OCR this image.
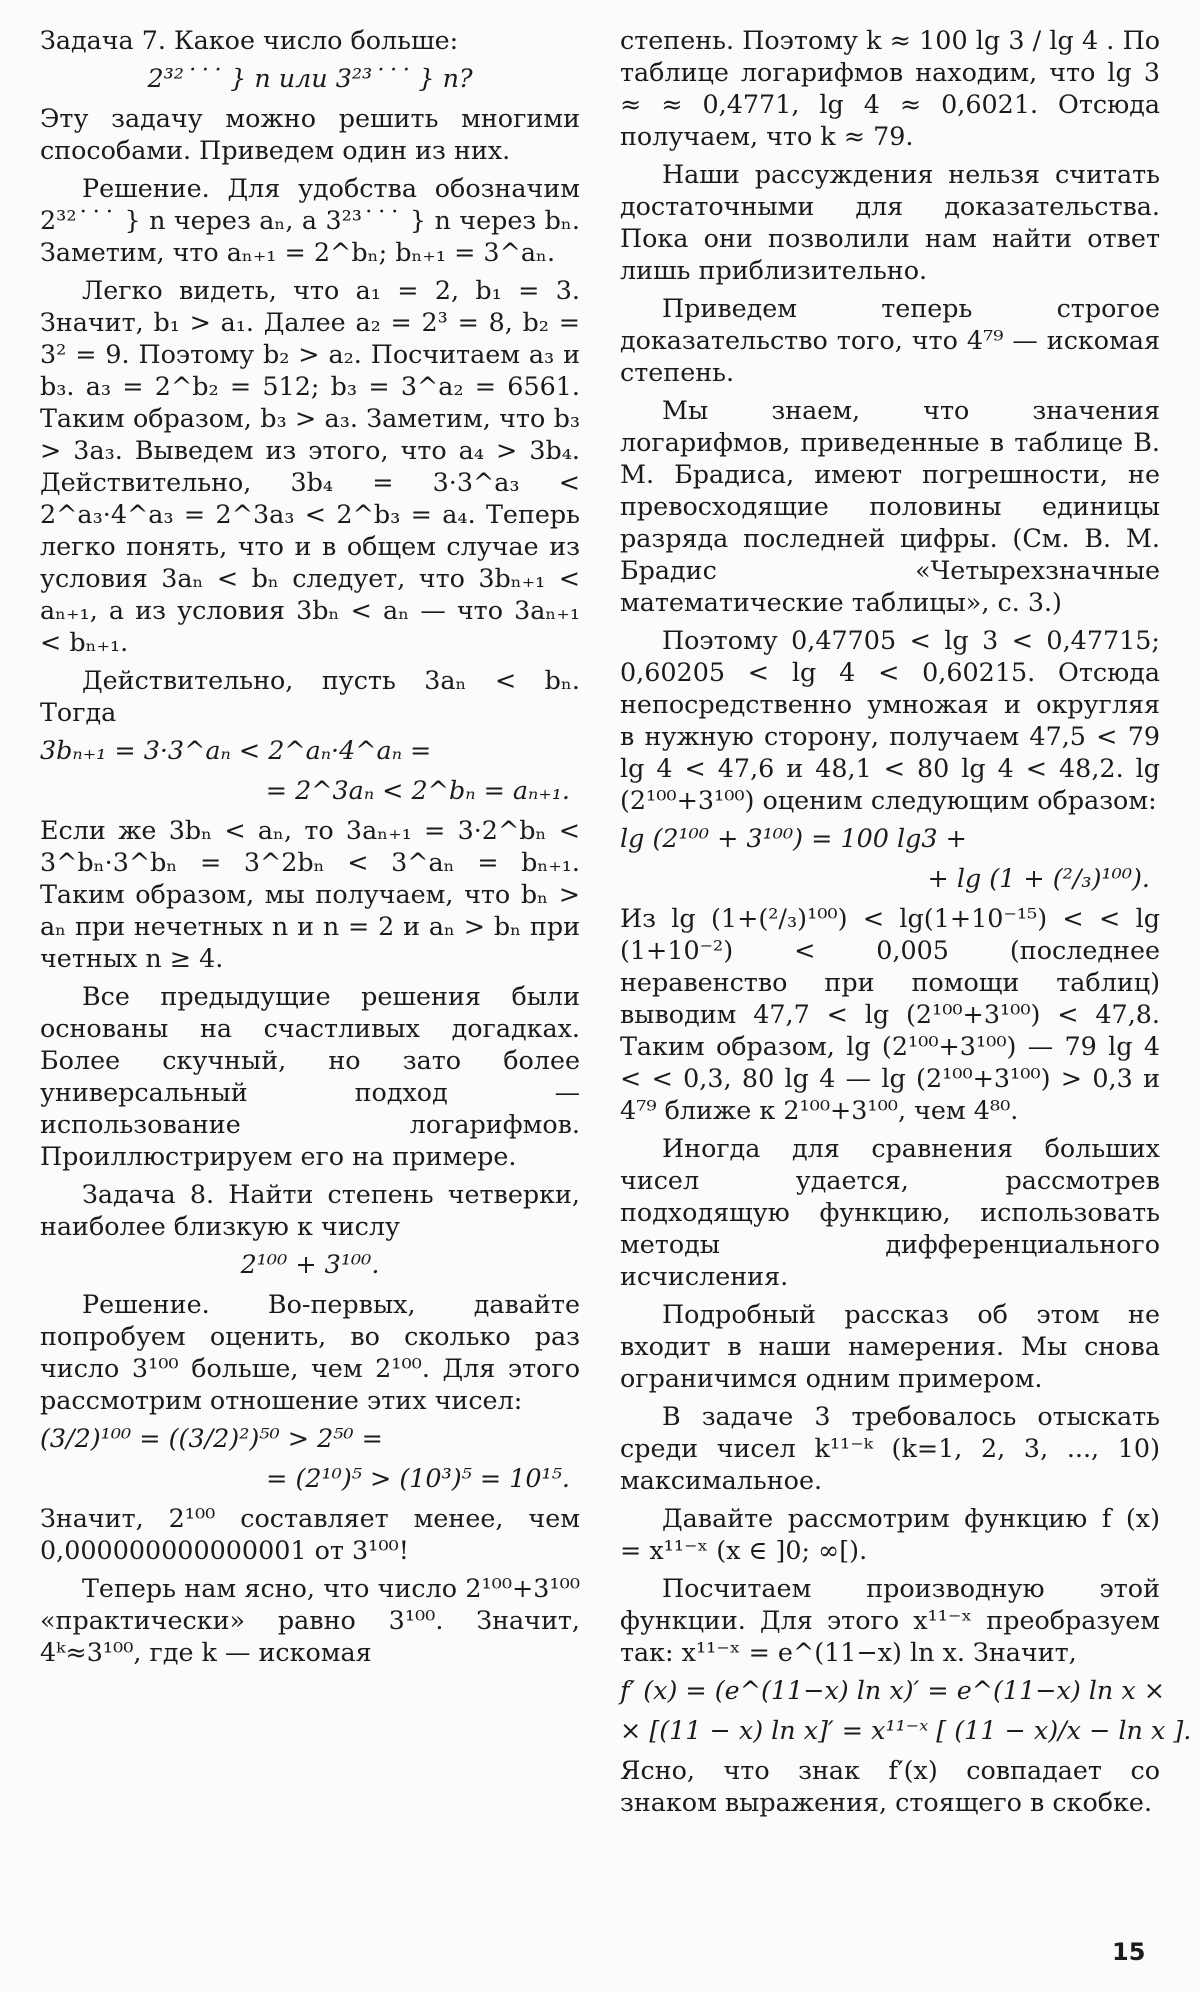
Задача 7. Какое число больше:

2³²˙˙˙ } n или 3²³˙˙˙ } n?

Эту задачу можно решить многими способами. Приведем один из них.

Решение. Для удобства обозначим 2³²˙˙˙ } n через aₙ, а 3²³˙˙˙ } n через bₙ. Заметим, что aₙ₊₁ = 2^bₙ; bₙ₊₁ = 3^aₙ.

Легко видеть, что a₁ = 2, b₁ = 3. Значит, b₁ > a₁. Далее a₂ = 2³ = 8, b₂ = 3² = 9. Поэтому b₂ > a₂. Посчитаем a₃ и b₃. a₃ = 2^b₂ = 512; b₃ = 3^a₂ = 6561. Таким образом, b₃ > a₃. Заметим, что b₃ > 3a₃. Выведем из этого, что a₄ > 3b₄. Действительно, 3b₄ = 3·3^a₃ < 2^a₃·4^a₃ = 2^3a₃ < 2^b₃ = a₄. Теперь легко понять, что и в общем случае из условия 3aₙ < bₙ следует, что 3bₙ₊₁ < aₙ₊₁, а из условия 3bₙ < aₙ — что 3aₙ₊₁ < bₙ₊₁.

Действительно, пусть 3aₙ < bₙ. Тогда

3bₙ₊₁ = 3·3^aₙ < 2^aₙ·4^aₙ =
= 2^3aₙ < 2^bₙ = aₙ₊₁.

Если же 3bₙ < aₙ, то 3aₙ₊₁ = 3·2^bₙ < 3^bₙ·3^bₙ = 3^2bₙ < 3^aₙ = bₙ₊₁. Таким образом, мы получаем, что bₙ > aₙ при нечетных n и n = 2 и aₙ > bₙ при четных n ≥ 4.

Все предыдущие решения были основаны на счастливых догадках. Более скучный, но зато более универсальный подход — использование логарифмов. Проиллюстрируем его на примере.

Задача 8. Найти степень четверки, наиболее близкую к числу

2¹⁰⁰ + 3¹⁰⁰.

Решение. Во-первых, давайте попробуем оценить, во сколько раз число 3¹⁰⁰ больше, чем 2¹⁰⁰. Для этого рассмотрим отношение этих чисел:

(3/2)¹⁰⁰ = ((3/2)²)⁵⁰ > 2⁵⁰ =
= (2¹⁰)⁵ > (10³)⁵ = 10¹⁵.

Значит, 2¹⁰⁰ составляет менее, чем 0,000000000000001 от 3¹⁰⁰!

Теперь нам ясно, что число 2¹⁰⁰+3¹⁰⁰ «практически» равно 3¹⁰⁰. Значит, 4ᵏ≈3¹⁰⁰, где k — искомая

степень. Поэтому k ≈ 100 lg 3 / lg 4 . По таблице логарифмов находим, что lg 3 ≈ ≈ 0,4771, lg 4 ≈ 0,6021. Отсюда получаем, что k ≈ 79.

Наши рассуждения нельзя считать достаточными для доказательства. Пока они позволили нам найти ответ лишь приблизительно.

Приведем теперь строгое доказательство того, что 4⁷⁹ — искомая степень.

Мы знаем, что значения логарифмов, приведенные в таблице В. М. Брадиса, имеют погрешности, не превосходящие половины единицы разряда последней цифры. (См. В. М. Брадис «Четырехзначные математические таблицы», с. 3.)

Поэтому 0,47705 < lg 3 < 0,47715; 0,60205 < lg 4 < 0,60215. Отсюда непосредственно умножая и округляя в нужную сторону, получаем 47,5 < 79 lg 4 < 47,6 и 48,1 < 80 lg 4 < 48,2. lg (2¹⁰⁰+3¹⁰⁰) оценим следующим образом:

lg (2¹⁰⁰ + 3¹⁰⁰) = 100 lg3 +
+ lg (1 + (²/₃)¹⁰⁰).

Из lg (1+(²/₃)¹⁰⁰) < lg(1+10⁻¹⁵) < < lg (1+10⁻²) < 0,005 (последнее неравенство при помощи таблиц) выводим 47,7 < lg (2¹⁰⁰+3¹⁰⁰) < 47,8. Таким образом, lg (2¹⁰⁰+3¹⁰⁰) — 79 lg 4 < < 0,3, 80 lg 4 — lg (2¹⁰⁰+3¹⁰⁰) > 0,3 и 4⁷⁹ ближе к 2¹⁰⁰+3¹⁰⁰, чем 4⁸⁰.

Иногда для сравнения больших чисел удается, рассмотрев подходящую функцию, использовать методы дифференциального исчисления.

Подробный рассказ об этом не входит в наши намерения. Мы снова ограничимся одним примером.

В задаче 3 требовалось отыскать среди чисел k¹¹⁻ᵏ (k=1, 2, 3, ..., 10) максимальное.

Давайте рассмотрим функцию f (x) = x¹¹⁻ˣ (x ∈ ]0; ∞[).

Посчитаем производную этой функции. Для этого x¹¹⁻ˣ преобразуем так: x¹¹⁻ˣ = e^(11−x) ln x. Значит,

f′ (x) = (e^(11−x) ln x)′ = e^(11−x) ln x ×
× [(11 − x) ln x]′ = x¹¹⁻ˣ [ (11 − x)/x − ln x ].

Ясно, что знак f′(x) совпадает со знаком выражения, стоящего в скобке.

15
